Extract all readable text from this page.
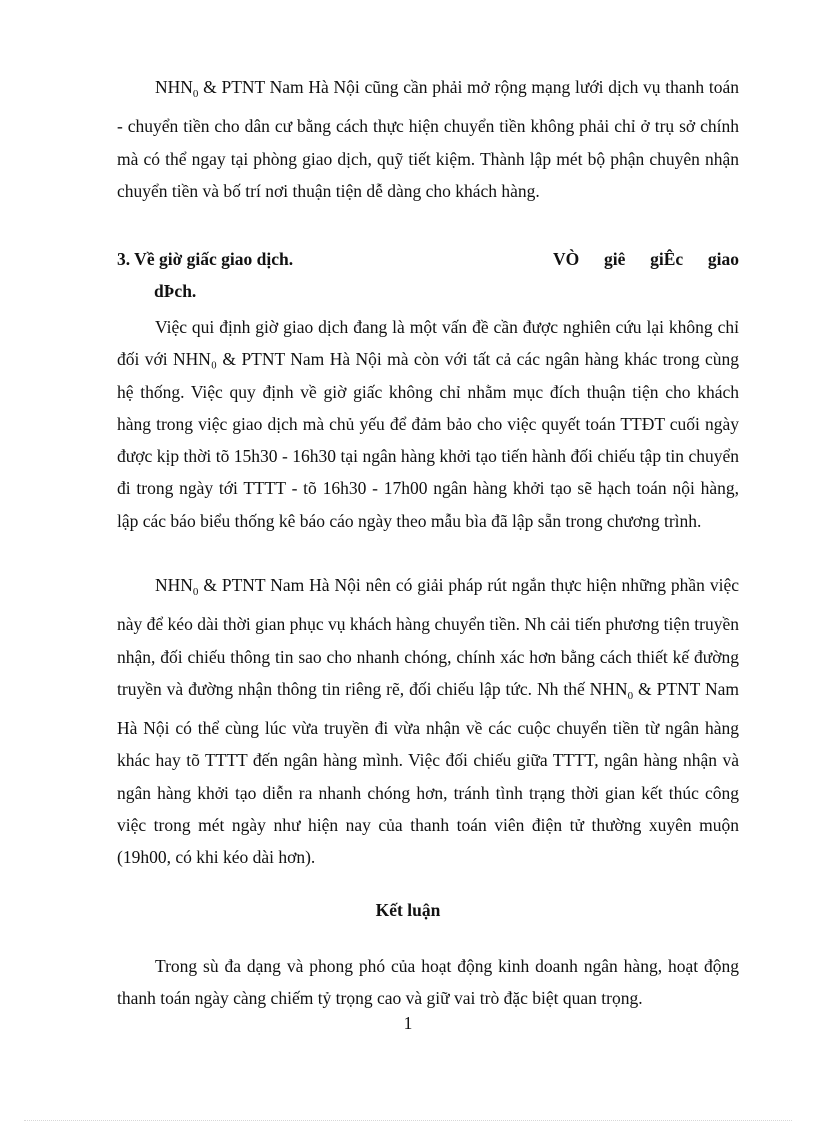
$NHN_0$ & PTNT Nam Hà Nội cũng cần phải mở rộng mạng lưới dịch vụ thanh toán - chuyển tiền cho dân cư bằng cách thực hiện chuyển tiền không phải chỉ ở trụ sở chính mà có thể ngay tại phòng giao dịch, quỹ tiết kiệm. Thành lập mét bộ phận chuyên nhận chuyển tiền và bố trí nơi thuận tiện dễ dàng cho khách hàng.

3. Về giờ giấc giao dịch.	VÒ giê giÊc giao
dÞch.

Việc qui định giờ giao dịch đang là một vấn đề cần được nghiên cứu lại không chỉ đối với NHN₀ & PTNT Nam Hà Nội mà còn với tất cả các ngân hàng khác trong cùng hệ thống. Việc quy định về giờ giấc không chỉ nhằm mục đích thuận tiện cho khách hàng trong việc giao dịch mà chủ yếu để đảm bảo cho việc quyết toán TTĐT cuối ngày được kịp thời tõ 15h30 - 16h30 tại ngân hàng khởi tạo tiến hành đối chiếu tập tin chuyển đi trong ngày tới TTTT - tõ 16h30 - 17h00 ngân hàng khởi tạo sẽ hạch toán nội hàng, lập các báo biểu thống kê báo cáo ngày theo mẫu bìa đã lập sẵn trong chương trình.

$NHN_0$ & PTNT Nam Hà Nội nên có giải pháp rút ngắn thực hiện những phần việc này để kéo dài thời gian phục vụ khách hàng chuyển tiền. Nh cải tiến phương tiện truyền nhận, đối chiếu thông tin sao cho nhanh chóng, chính xác hơn bằng cách thiết kế đường truyền và đường nhận thông tin riêng rẽ, đối chiếu lập tức. Nh thế $NHN_0$ & PTNT Nam Hà Nội có thể cùng lúc vừa truyền đi vừa nhận về các cuộc chuyển tiền từ ngân hàng khác hay tõ TTTT đến ngân hàng mình. Việc đối chiếu giữa TTTT, ngân hàng nhận và ngân hàng khởi tạo diễn ra nhanh chóng hơn, tránh tình trạng thời gian kết thúc công việc trong mét ngày như hiện nay của thanh toán viên điện tử thường xuyên muộn (19h00, có khi kéo dài hơn).

Kết luận

Trong sù đa dạng và phong phó của hoạt động kinh doanh ngân hàng, hoạt động thanh toán ngày càng chiếm tỷ trọng cao và giữ vai trò đặc biệt quan trọng.

1
